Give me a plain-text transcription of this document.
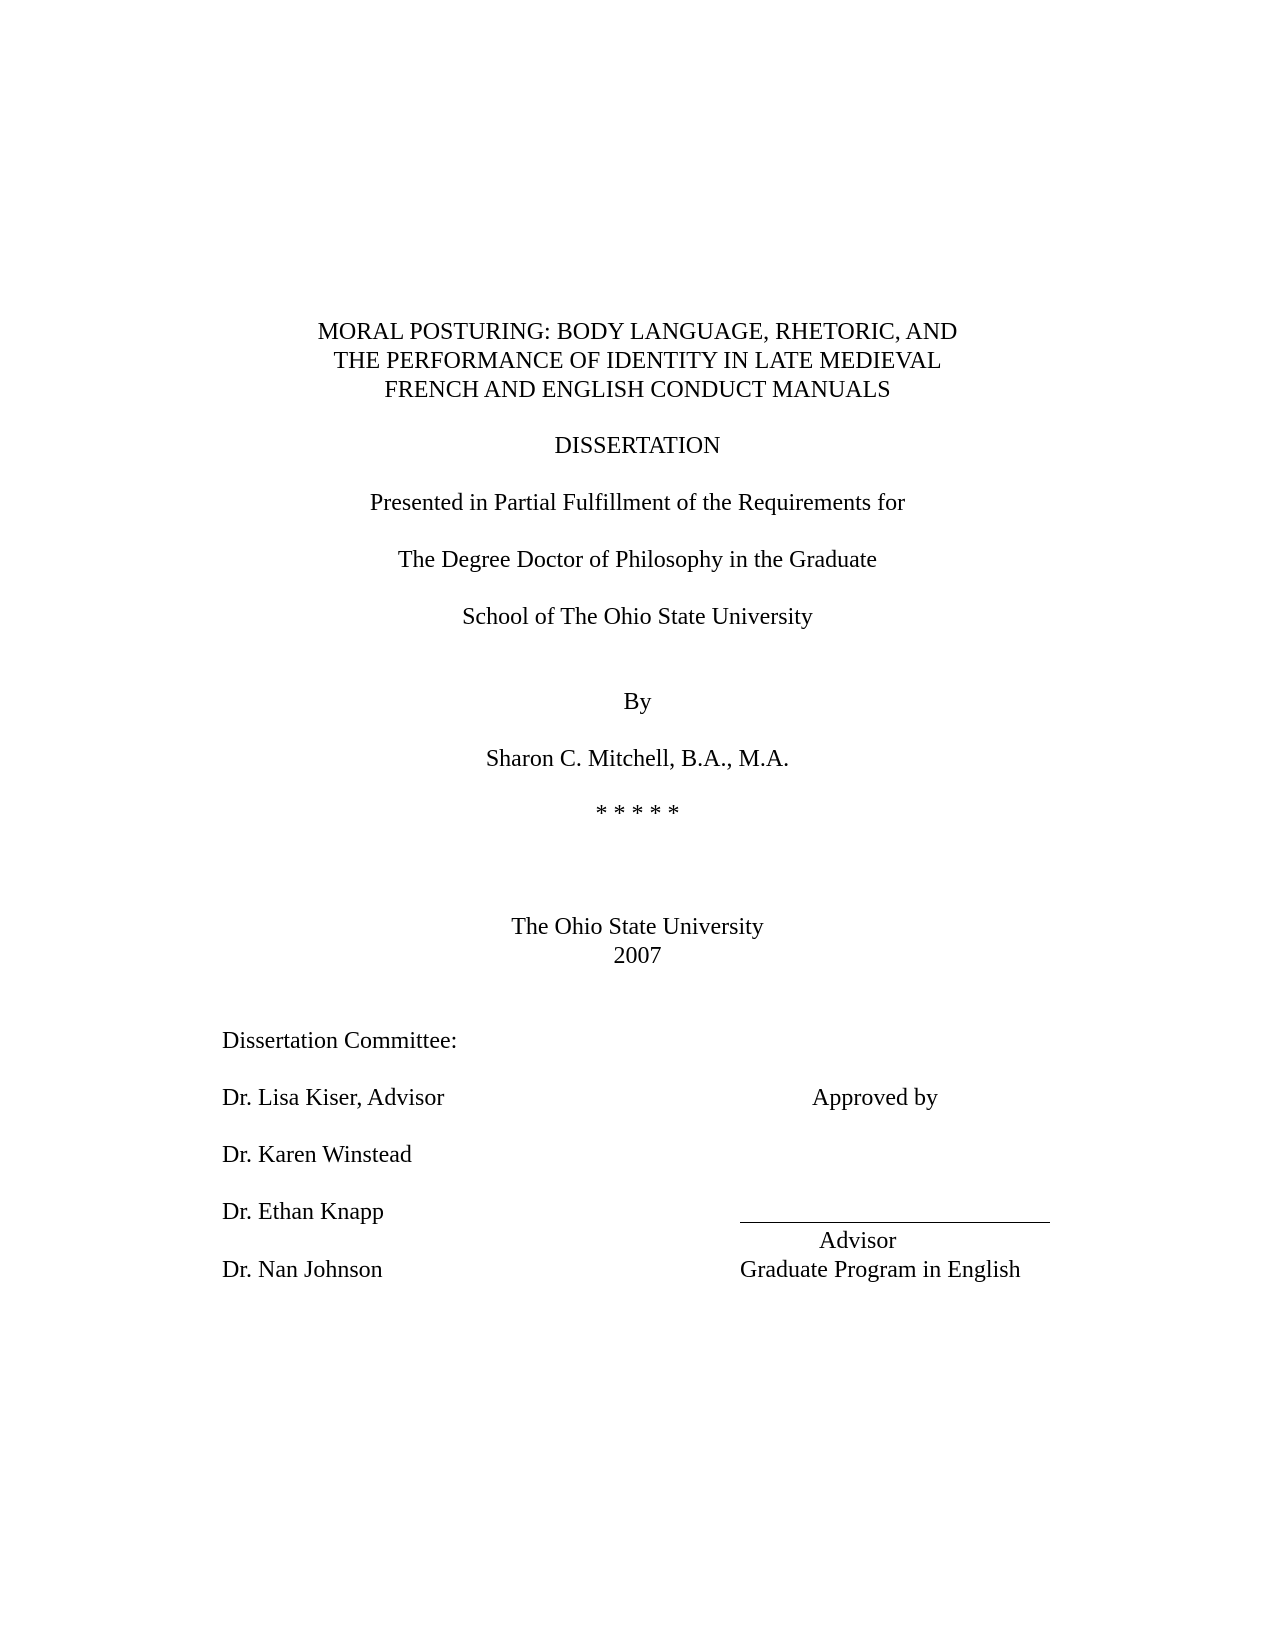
MORAL POSTURING: BODY LANGUAGE, RHETORIC, AND
THE PERFORMANCE OF IDENTITY IN LATE MEDIEVAL
FRENCH AND ENGLISH CONDUCT MANUALS
DISSERTATION
Presented in Partial Fulfillment of the Requirements for
The Degree Doctor of Philosophy in the Graduate
School of The Ohio State University
By
Sharon C. Mitchell, B.A., M.A.
* * * * *
The Ohio State University
2007
Dissertation Committee:
Dr. Lisa Kiser, Advisor
Dr. Karen Winstead
Dr. Ethan Knapp
Dr. Nan Johnson
Approved by
Advisor
Graduate Program in English
